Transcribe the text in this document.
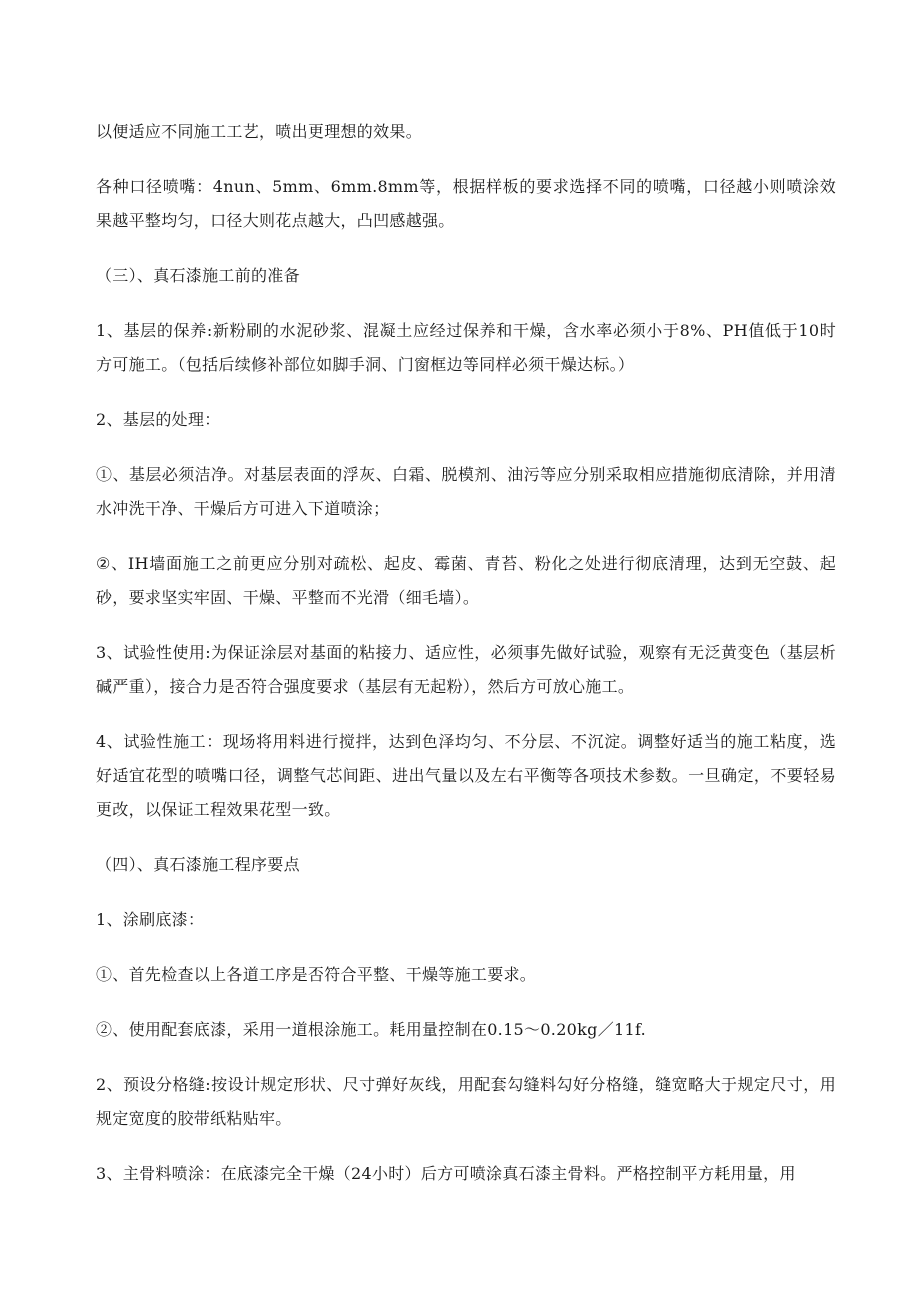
以便适应不同施工工艺，喷出更理想的效果。

各种口径喷嘴：4nun、5mm、6mm.8mm等，根据样板的要求选择不同的喷嘴，口径越小则喷涂效果越平整均匀，口径大则花点越大，凸凹感越强。

（三）、真石漆施工前的准备

1、基层的保养:新粉刷的水泥砂浆、混凝土应经过保养和干燥，含水率必须小于8%、PH值低于10时方可施工。（包括后续修补部位如脚手洞、门窗框边等同样必须干燥达标。）

2、基层的处理：

①、基层必须洁净。对基层表面的浮灰、白霜、脱模剂、油污等应分别采取相应措施彻底清除，并用清水冲洗干净、干燥后方可进入下道喷涂；

②、IH墙面施工之前更应分别对疏松、起皮、霉菌、青苔、粉化之处进行彻底清理，达到无空鼓、起砂，要求坚实牢固、干燥、平整而不光滑（细毛墙）。

3、试验性使用:为保证涂层对基面的粘接力、适应性，必须事先做好试验，观察有无泛黄变色（基层析碱严重），接合力是否符合强度要求（基层有无起粉），然后方可放心施工。

4、试验性施工：现场将用料进行搅拌，达到色泽均匀、不分层、不沉淀。调整好适当的施工粘度，选好适宜花型的喷嘴口径，调整气芯间距、进出气量以及左右平衡等各项技术参数。一旦确定，不要轻易更改，以保证工程效果花型一致。

（四）、真石漆施工程序要点

1、涂刷底漆：

①、首先检查以上各道工序是否符合平整、干燥等施工要求。

②、使用配套底漆，采用一道根涂施工。耗用量控制在0.15～0.20kg／11f.

2、预设分格缝:按设计规定形状、尺寸弹好灰线，用配套勾缝料勾好分格缝，缝宽略大于规定尺寸，用规定宽度的胶带纸粘贴牢。

3、主骨料喷涂：在底漆完全干燥（24小时）后方可喷涂真石漆主骨料。严格控制平方耗用量，用
